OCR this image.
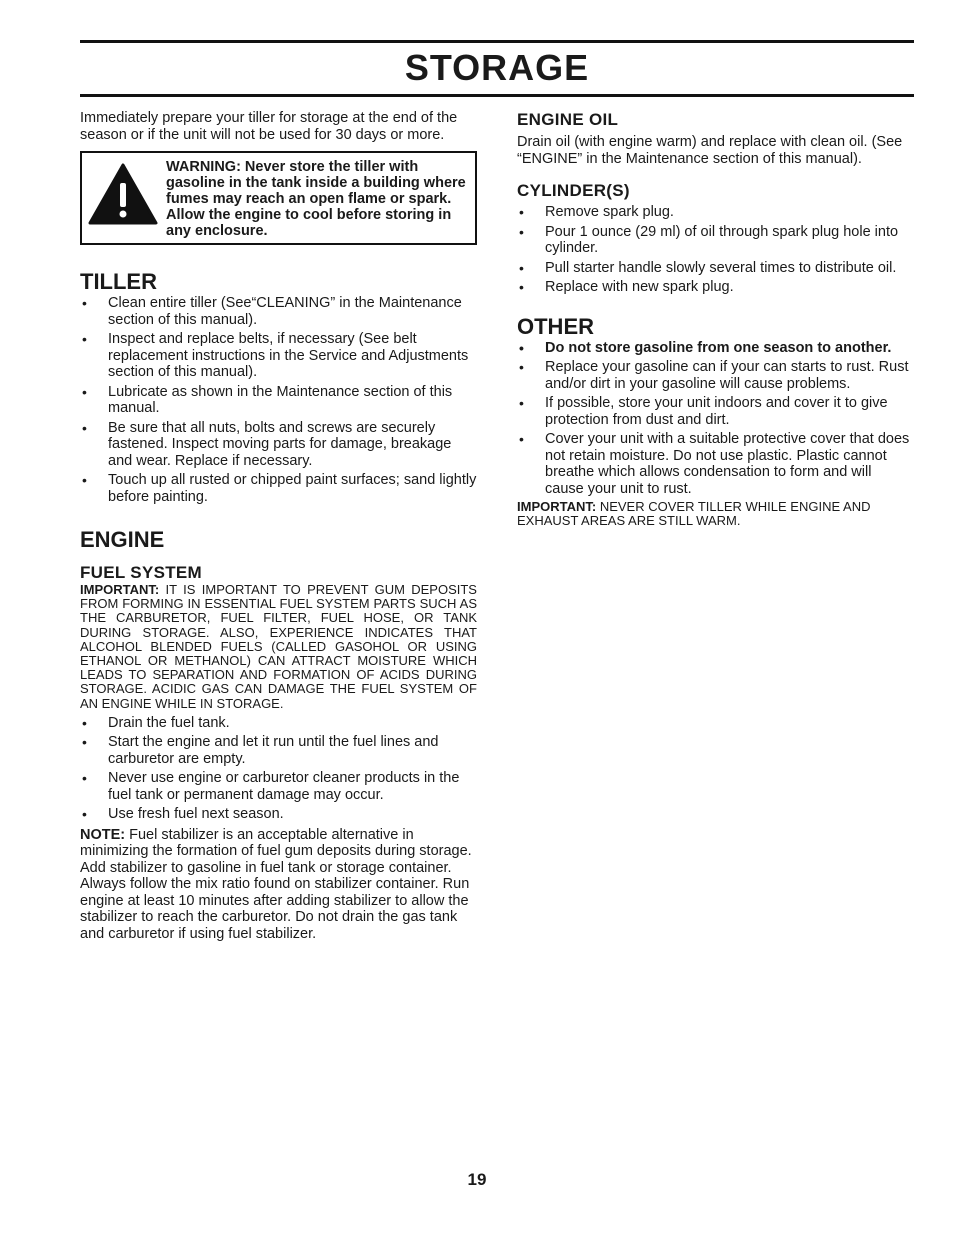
STORAGE

Immediately prepare your tiller for storage at the end of the season or if the unit will not be used for 30 days or more.

WARNING: Never store the tiller with gasoline in the tank inside a building where fumes may reach an open flame or spark. Allow the engine to cool before storing in any enclosure.

TILLER
• Clean entire tiller (See“CLEANING” in the Maintenance section of this manual).
• Inspect and replace belts, if necessary (See belt replacement instructions in the Service and Adjustments section of this manual).
• Lubricate as shown in the Maintenance section of this manual.
• Be sure that all nuts, bolts and screws are securely fastened. Inspect moving parts for damage, breakage and wear. Replace if necessary.
• Touch up all rusted or chipped paint surfaces; sand lightly before painting.
ENGINE
FUEL SYSTEM

IMPORTANT: IT IS IMPORTANT TO PREVENT GUM DEPOSITS FROM FORMING IN ESSENTIAL FUEL SYSTEM PARTS SUCH AS THE CARBURETOR, FUEL FILTER, FUEL HOSE, OR TANK DURING STORAGE. ALSO, EXPERIENCE INDICATES THAT ALCOHOL BLENDED FUELS (CALLED GASOHOL OR USING ETHANOL OR METHANOL) CAN ATTRACT MOISTURE WHICH LEADS TO SEPARATION AND FORMATION OF ACIDS DURING STORAGE. ACIDIC GAS CAN DAMAGE THE FUEL SYSTEM OF AN ENGINE WHILE IN STORAGE.

• Drain the fuel tank.
• Start the engine and let it run until the fuel lines and carburetor are empty.
• Never use engine or carburetor cleaner products in the fuel tank or permanent damage may occur.
• Use fresh fuel next season.

NOTE: Fuel stabilizer is an acceptable alternative in minimizing the formation of fuel gum deposits during storage. Add stabilizer to gasoline in fuel tank or storage container. Always follow the mix ratio found on stabilizer container. Run engine at least 10 minutes after adding stabilizer to allow the stabilizer to reach the carburetor. Do not drain the gas tank and carburetor if using fuel stabilizer.

ENGINE OIL

Drain oil (with engine warm) and replace with clean oil. (See “ENGINE” in the Maintenance section of this manual).

CYLINDER(S)
• Remove spark plug.
• Pour 1 ounce (29 ml) of oil through spark plug hole into cylinder.
• Pull starter handle slowly several times to distribute oil.
• Replace with new spark plug.
OTHER
• Do not store gasoline from one season to another.
• Replace your gasoline can if your can starts to rust. Rust and/or dirt in your gasoline will cause problems.
• If possible, store your unit indoors and cover it to give protection from dust and dirt.
• Cover your unit with a suitable protective cover that does not retain moisture. Do not use plastic. Plastic cannot breathe which allows condensation to form and will cause your unit to rust.

IMPORTANT: NEVER COVER TILLER WHILE ENGINE AND EXHAUST AREAS ARE STILL WARM.

19
